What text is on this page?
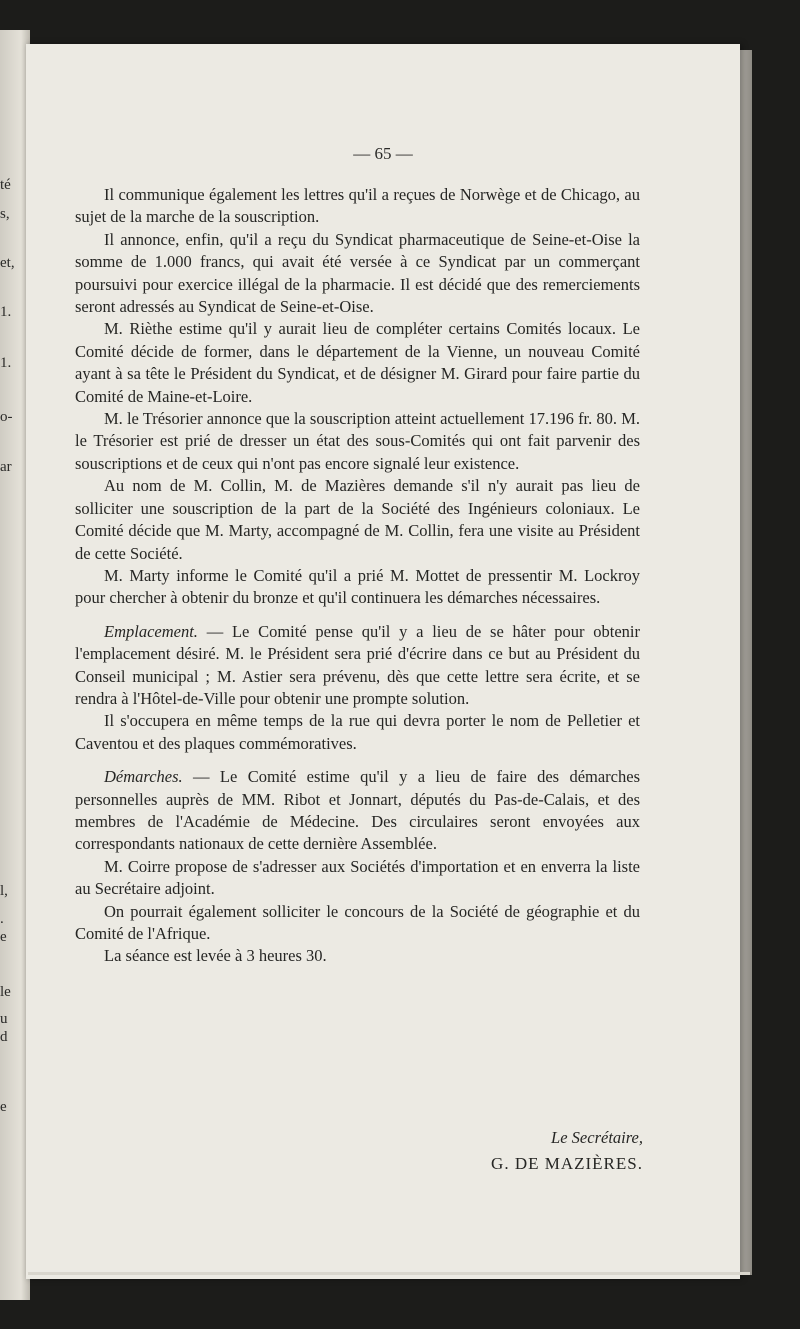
té
s,
et,
1.
1.
o-
ar
l,
.
e
le
u
d
e
— 65 —

Il communique également les lettres qu'il a reçues de Norwège et de Chicago, au sujet de la marche de la souscription.

Il annonce, enfin, qu'il a reçu du Syndicat pharmaceutique de Seine-et-Oise la somme de 1.000 francs, qui avait été versée à ce Syndicat par un commerçant poursuivi pour exercice illégal de la pharmacie. Il est décidé que des remerciements seront adressés au Syndicat de Seine-et-Oise.

M. Rièthe estime qu'il y aurait lieu de compléter certains Comités locaux. Le Comité décide de former, dans le département de la Vienne, un nouveau Comité ayant à sa tête le Président du Syndicat, et de désigner M. Girard pour faire partie du Comité de Maine-et-Loire.

M. le Trésorier annonce que la souscription atteint actuellement 17.196 fr. 80. M. le Trésorier est prié de dresser un état des sous-Comités qui ont fait parvenir des souscriptions et de ceux qui n'ont pas encore signalé leur existence.

Au nom de M. Collin, M. de Mazières demande s'il n'y aurait pas lieu de solliciter une souscription de la part de la Société des Ingénieurs coloniaux. Le Comité décide que M. Marty, accompagné de M. Collin, fera une visite au Président de cette Société.

M. Marty informe le Comité qu'il a prié M. Mottet de pressentir M. Lockroy pour chercher à obtenir du bronze et qu'il continuera les démarches nécessaires.

Emplacement. — Le Comité pense qu'il y a lieu de se hâter pour obtenir l'emplacement désiré. M. le Président sera prié d'écrire dans ce but au Président du Conseil municipal ; M. Astier sera prévenu, dès que cette lettre sera écrite, et se rendra à l'Hôtel-de-Ville pour obtenir une prompte solution.

Il s'occupera en même temps de la rue qui devra porter le nom de Pelletier et Caventou et des plaques commémoratives.

Démarches. — Le Comité estime qu'il y a lieu de faire des démarches personnelles auprès de MM. Ribot et Jonnart, députés du Pas-de-Calais, et des membres de l'Académie de Médecine. Des circulaires seront envoyées aux correspondants nationaux de cette dernière Assemblée.

M. Coirre propose de s'adresser aux Sociétés d'importation et en enverra la liste au Secrétaire adjoint.

On pourrait également solliciter le concours de la Société de géographie et du Comité de l'Afrique.

La séance est levée à 3 heures 30.

Le Secrétaire,
G. DE MAZIÈRES.
